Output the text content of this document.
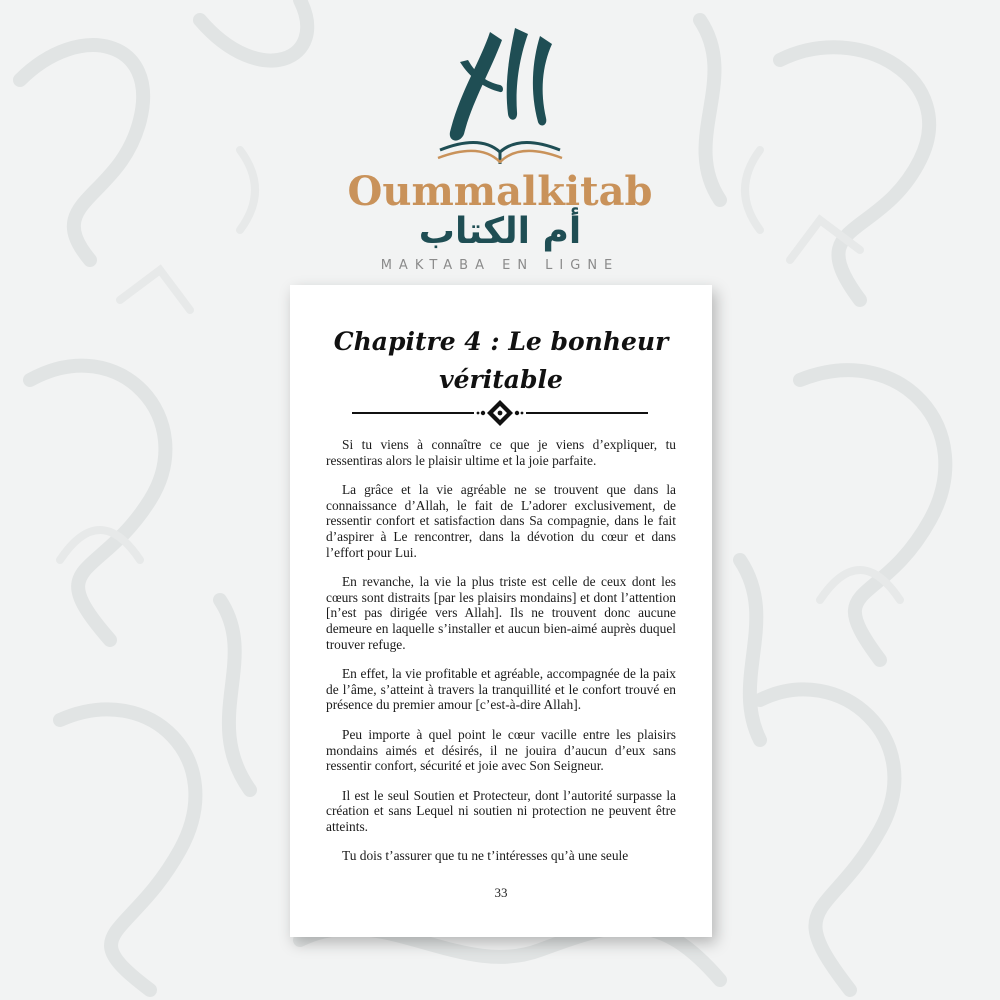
Oummalkitab
أم الكتاب
MAKTABA EN LIGNE
Chapitre 4 : Le bonheur
véritable

Si tu viens à connaître ce que je viens d’expliquer, tu ressentiras alors le plaisir ultime et la joie parfaite.

La grâce et la vie agréable ne se trouvent que dans la connaissance d’Allah, le fait de L’adorer exclusivement, de ressentir confort et satisfaction dans Sa compagnie, dans le fait d’aspirer à Le rencontrer, dans la dévotion du cœur et dans l’effort pour Lui.

En revanche, la vie la plus triste est celle de ceux dont les cœurs sont distraits [par les plaisirs mondains] et dont l’attention [n’est pas dirigée vers Allah]. Ils ne trouvent donc aucune demeure en laquelle s’installer et aucun bien-aimé auprès duquel trouver refuge.

En effet, la vie profitable et agréable, accompagnée de la paix de l’âme, s’atteint à travers la tranquillité et le confort trouvé en présence du premier amour [c’est-à-dire Allah].

Peu importe à quel point le cœur vacille entre les plaisirs mondains aimés et désirés, il ne jouira d’aucun d’eux sans ressentir confort, sécurité et joie avec Son Seigneur.

Il est le seul Soutien et Protecteur, dont l’autorité surpasse la création et sans Lequel ni soutien ni protection ne peuvent être atteints.

Tu dois t’assurer que tu ne t’intéresses qu’à une seule

33
